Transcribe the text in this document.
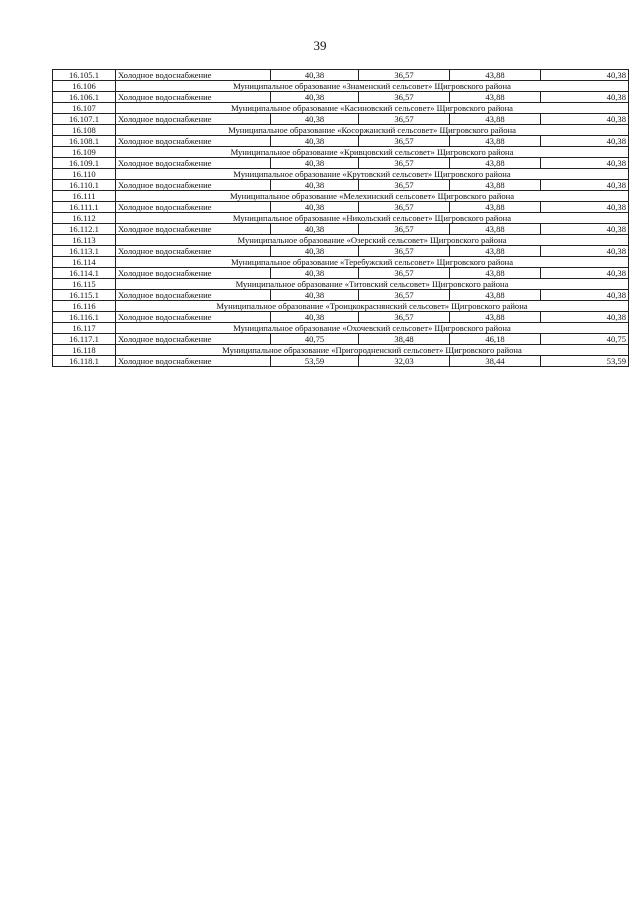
39
16.105.1	Холодное водоснабжение	40,38	36,57	43,88	40,38
16.106	Муниципальное образование «Знаменский сельсовет» Щигровского района				
16.106.1	Холодное водоснабжение	40,38	36,57	43,88	40,38
16.107	Муниципальное образование «Касиновский сельсовет» Щигровского района				
16.107.1	Холодное водоснабжение	40,38	36,57	43,88	40,38
16.108	Муниципальное образование «Косоржанский сельсовет» Щигровского района				
16.108.1	Холодное водоснабжение	40,38	36,57	43,88	40,38
16.109	Муниципальное образование «Кривцовский сельсовет» Щигровского района				
16.109.1	Холодное водоснабжение	40,38	36,57	43,88	40,38
16.110	Муниципальное образование «Крутовский сельсовет» Щигровского района				
16.110.1	Холодное водоснабжение	40,38	36,57	43,88	40,38
16.111	Муниципальное образование «Мелехинский сельсовет» Щигровского района				
16.111.1	Холодное водоснабжение	40,38	36,57	43,88	40,38
16.112	Муниципальное образование «Никольский сельсовет» Щигровского района				
16.112.1	Холодное водоснабжение	40,38	36,57	43,88	40,38
16.113	Муниципальное образование «Озерский сельсовет» Щигровского района				
16.113.1	Холодное водоснабжение	40,38	36,57	43,88	40,38
16.114	Муниципальное образование «Теребужский сельсовет» Щигровского района				
16.114.1	Холодное водоснабжение	40,38	36,57	43,88	40,38
16.115	Муниципальное образование «Титовский сельсовет» Щигровского района				
16.115.1	Холодное водоснабжение	40,38	36,57	43,88	40,38
16.116	Муниципальное образование «Троицкокраснянский сельсовет» Щигровского района				
16.116.1	Холодное водоснабжение	40,38	36,57	43,88	40,38
16.117	Муниципальное образование «Охочевский сельсовет» Щигровского района				
16.117.1	Холодное водоснабжение	40,75	38,48	46,18	40,75
16.118	Муниципальное образование «Пригородненский сельсовет» Щигровского района				
16.118.1	Холодное водоснабжение	53,59	32,03	38,44	53,59
